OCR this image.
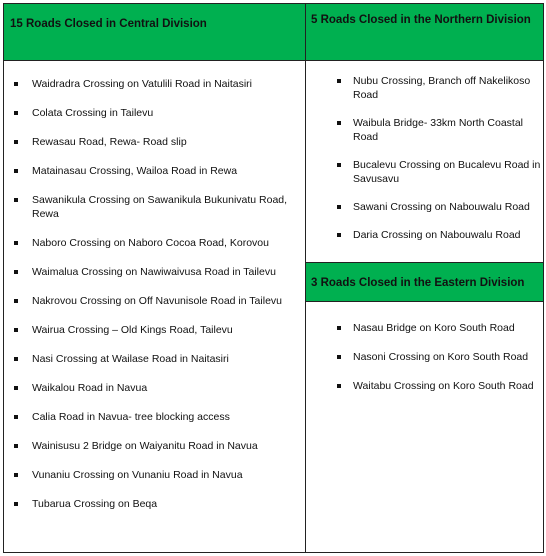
15 Roads Closed in Central Division
Waidradra Crossing on Vatulili Road in Naitasiri
Colata Crossing in Tailevu
Rewasau Road, Rewa- Road slip
Matainasau Crossing, Wailoa Road in Rewa
Sawanikula Crossing on Sawanikula Bukunivatu Road, Rewa
Naboro Crossing on Naboro Cocoa Road, Korovou
Waimalua Crossing on Nawiwaivusa Road in Tailevu
Nakrovou Crossing on Off Navunisole Road in Tailevu
Wairua Crossing – Old Kings Road, Tailevu
Nasi Crossing at Wailase Road in Naitasiri
Waikalou Road in Navua
Calia Road in Navua- tree blocking access
Wainisusu 2 Bridge on Waiyanitu Road in Navua
Vunaniu Crossing on Vunaniu Road in Navua
Tubarua Crossing on Beqa
5 Roads Closed in the Northern Division
Nubu Crossing, Branch off Nakelikoso Road
Waibula Bridge- 33km North Coastal Road
Bucalevu Crossing on Bucalevu Road in Savusavu
Sawani Crossing on Nabouwalu Road
Daria Crossing on Nabouwalu Road
3 Roads Closed in the Eastern Division
Nasau Bridge on Koro South Road
Nasoni Crossing on Koro South Road
Waitabu Crossing on Koro South Road
